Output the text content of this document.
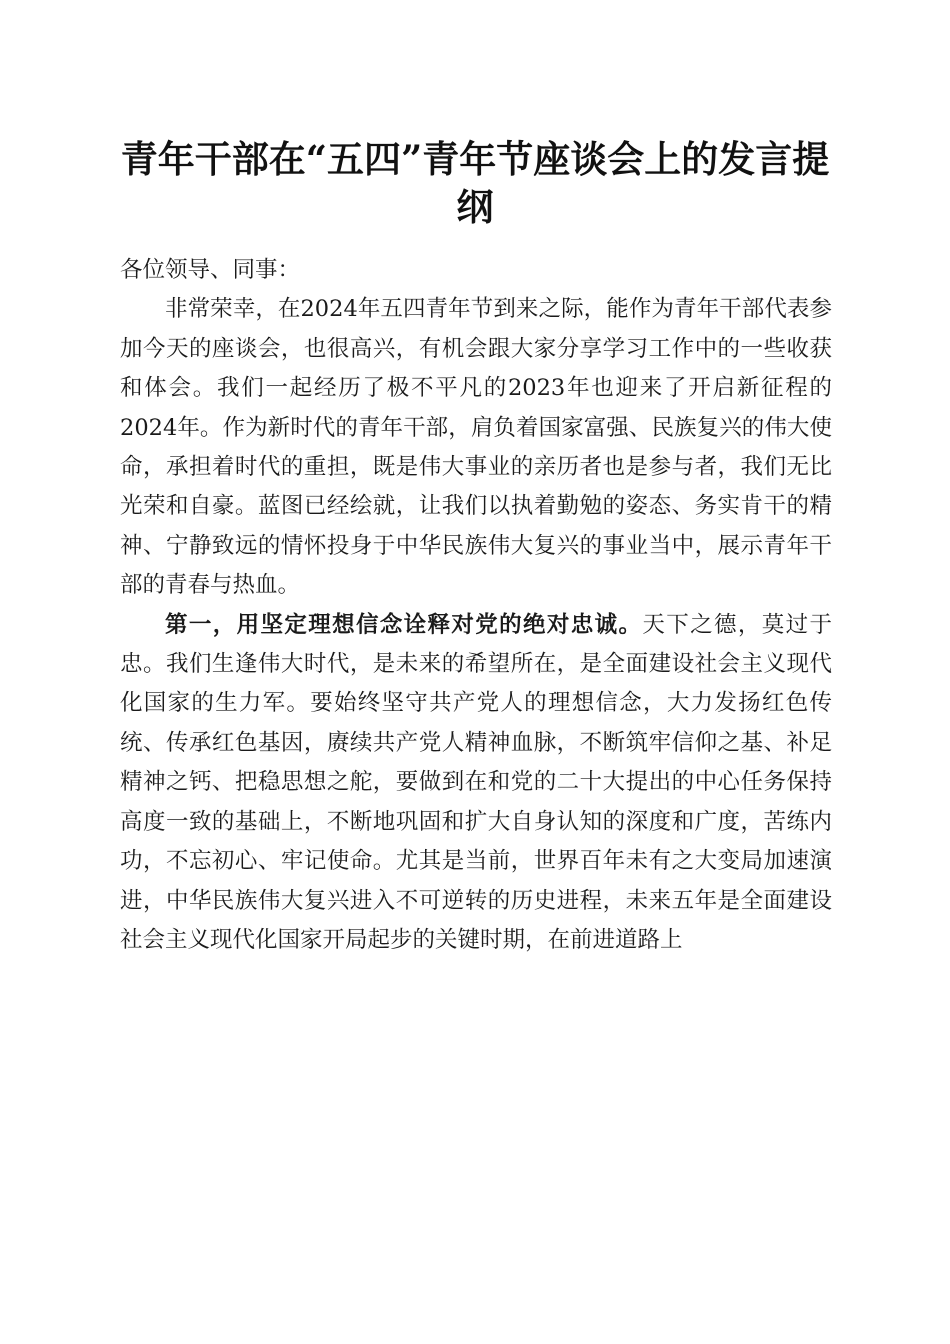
青年干部在“五四”青年节座谈会上的发言提纲

各位领导、同事：

非常荣幸，在2024年五四青年节到来之际，能作为青年干部代表参加今天的座谈会，也很高兴，有机会跟大家分享学习工作中的一些收获和体会。我们一起经历了极不平凡的2023年也迎来了开启新征程的2024年。作为新时代的青年干部，肩负着国家富强、民族复兴的伟大使命，承担着时代的重担，既是伟大事业的亲历者也是参与者，我们无比光荣和自豪。蓝图已经绘就，让我们以执着勤勉的姿态、务实肯干的精神、宁静致远的情怀投身于中华民族伟大复兴的事业当中，展示青年干部的青春与热血。

第一，用坚定理想信念诠释对党的绝对忠诚。天下之德，莫过于忠。我们生逢伟大时代，是未来的希望所在，是全面建设社会主义现代化国家的生力军。要始终坚守共产党人的理想信念，大力发扬红色传统、传承红色基因，赓续共产党人精神血脉，不断筑牢信仰之基、补足精神之钙、把稳思想之舵，要做到在和党的二十大提出的中心任务保持高度一致的基础上，不断地巩固和扩大自身认知的深度和广度，苦练内功，不忘初心、牢记使命。尤其是当前，世界百年未有之大变局加速演进，中华民族伟大复兴进入不可逆转的历史进程，未来五年是全面建设社会主义现代化国家开局起步的关键时期，在前进道路上
